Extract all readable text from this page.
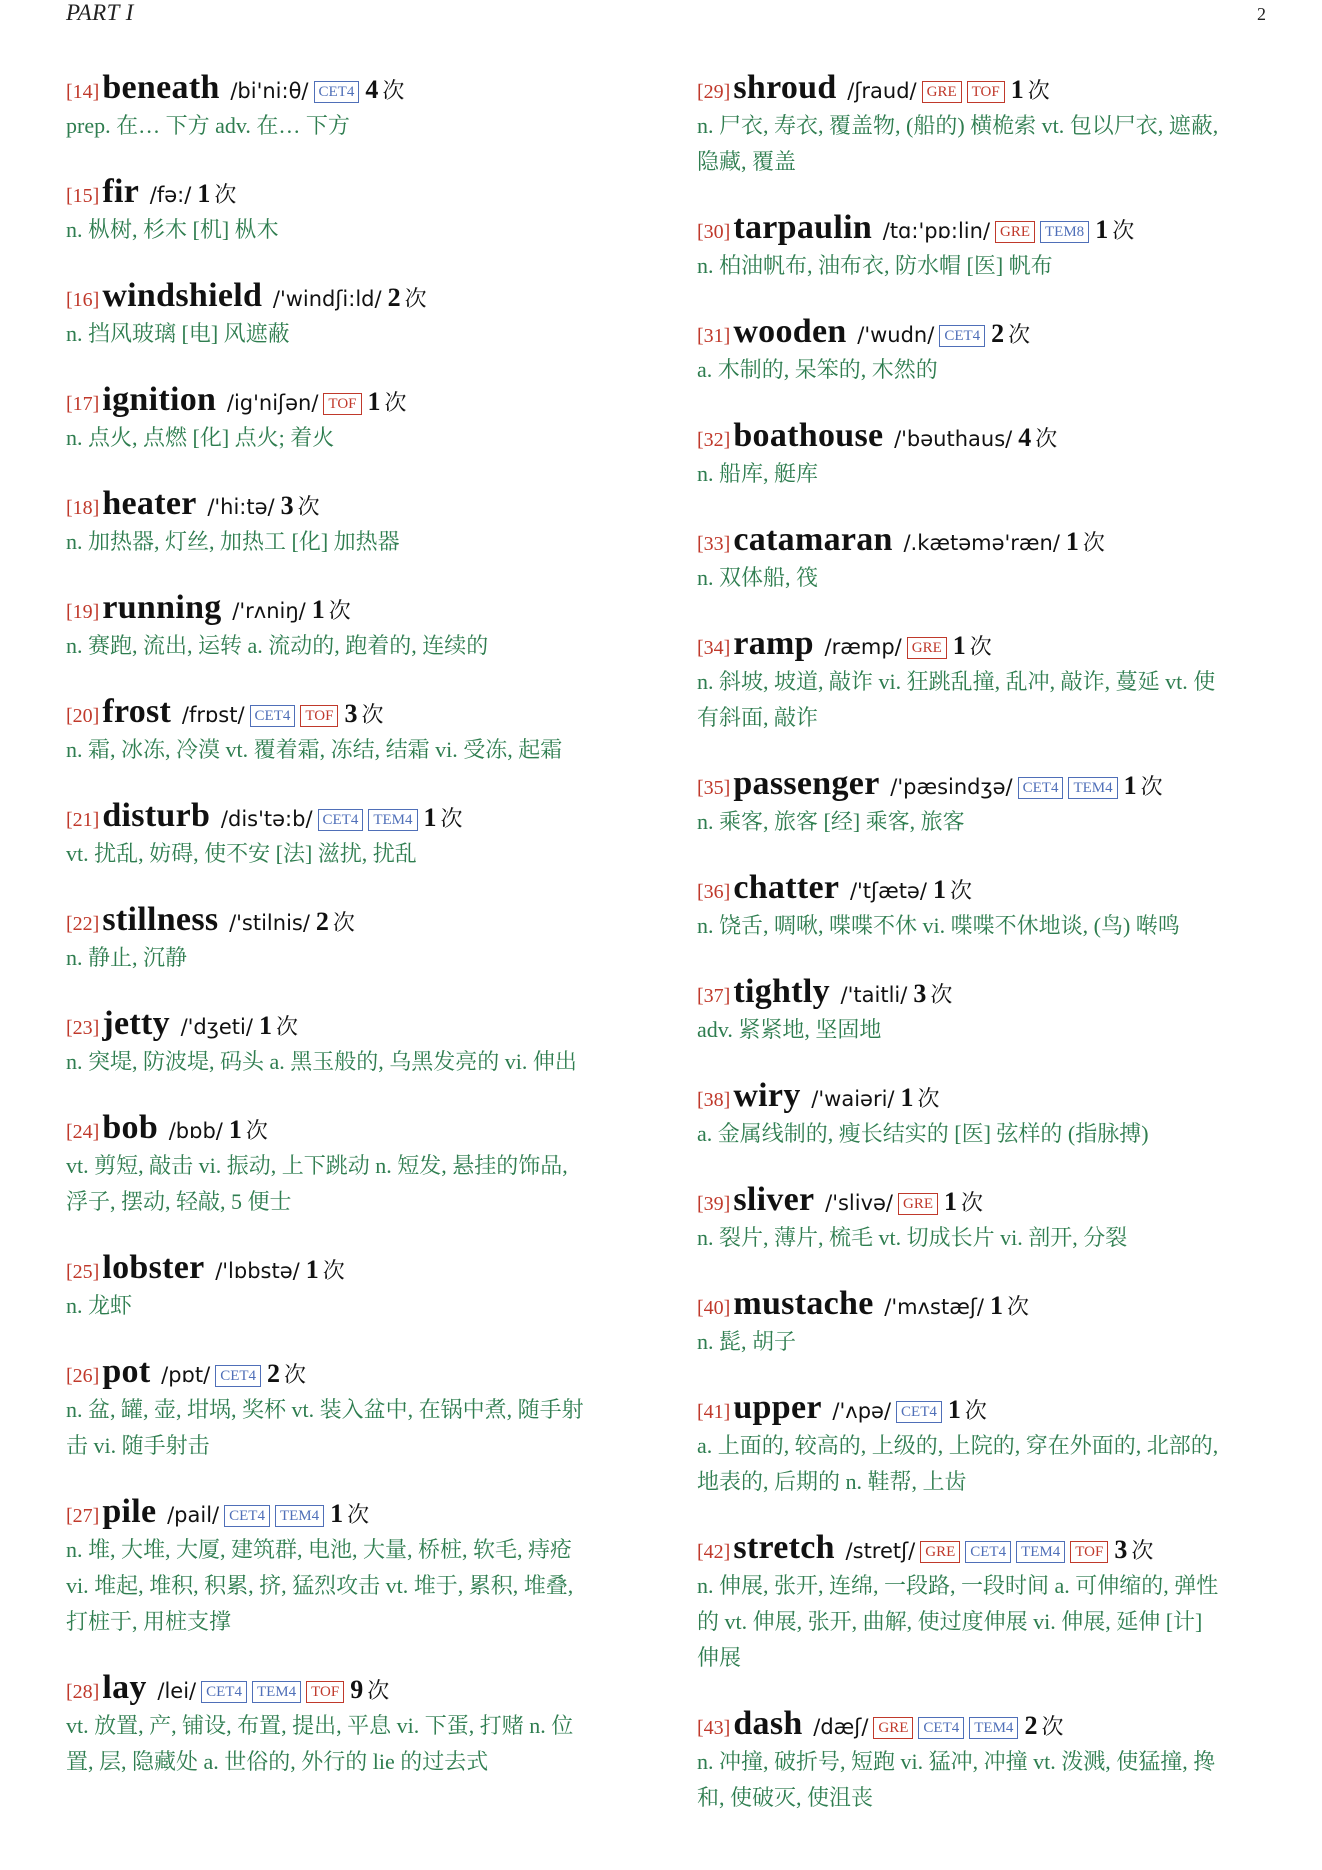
PART I	2
[14]beneath /bi'ni:θ/ CET4 4 次
prep. 在… 下方 adv. 在… 下方
[15]fir /fə:/ 1 次
n. 枞树, 杉木 [机] 枞木
[16]windshield /'windʃi:ld/ 2 次
n. 挡风玻璃 [电] 风遮蔽
[17]ignition /ig'niʃən/ TOF 1 次
n. 点火, 点燃 [化] 点火; 着火
[18]heater /'hi:tə/ 3 次
n. 加热器, 灯丝, 加热工 [化] 加热器
[19]running /'rʌniŋ/ 1 次
n. 赛跑, 流出, 运转 a. 流动的, 跑着的, 连续的
[20]frost /frɒst/ CET4 TOF 3 次
n. 霜, 冰冻, 冷漠 vt. 覆着霜, 冻结, 结霜 vi. 受冻, 起霜
[21]disturb /dis'tə:b/ CET4 TEM4 1 次
vt. 扰乱, 妨碍, 使不安 [法] 滋扰, 扰乱
[22]stillness /'stilnis/ 2 次
n. 静止, 沉静
[23]jetty /'dʒeti/ 1 次
n. 突堤, 防波堤, 码头 a. 黑玉般的, 乌黑发亮的 vi. 伸出
[24]bob /bɒb/ 1 次
vt. 剪短, 敲击 vi. 振动, 上下跳动 n. 短发, 悬挂的饰品,
浮子, 摆动, 轻敲, 5 便士
[25]lobster /'lɒbstə/ 1 次
n. 龙虾
[26]pot /pɒt/ CET4 2 次
n. 盆, 罐, 壶, 坩埚, 奖杯 vt. 装入盆中, 在锅中煮, 随手射
击 vi. 随手射击
[27]pile /pail/ CET4 TEM4 1 次
n. 堆, 大堆, 大厦, 建筑群, 电池, 大量, 桥桩, 软毛, 痔疮
vi. 堆起, 堆积, 积累, 挤, 猛烈攻击 vt. 堆于, 累积, 堆叠,
打桩于, 用桩支撑
[28]lay /lei/ CET4 TEM4 TOF 9 次
vt. 放置, 产, 铺设, 布置, 提出, 平息 vi. 下蛋, 打赌 n. 位
置, 层, 隐藏处 a. 世俗的, 外行的 lie 的过去式
[29]shroud /ʃraud/ GRE TOF 1 次
n. 尸衣, 寿衣, 覆盖物, (船的) 横桅索 vt. 包以尸衣, 遮蔽,
隐藏, 覆盖
[30]tarpaulin /tɑ:'pɒ:lin/ GRE TEM8 1 次
n. 柏油帆布, 油布衣, 防水帽 [医] 帆布
[31]wooden /'wudn/ CET4 2 次
a. 木制的, 呆笨的, 木然的
[32]boathouse /'bəuthaus/ 4 次
n. 船库, 艇库
[33]catamaran /.kætəmə'ræn/ 1 次
n. 双体船, 筏
[34]ramp /ræmp/ GRE 1 次
n. 斜坡, 坡道, 敲诈 vi. 狂跳乱撞, 乱冲, 敲诈, 蔓延 vt. 使
有斜面, 敲诈
[35]passenger /'pæsindʒə/ CET4 TEM4 1 次
n. 乘客, 旅客 [经] 乘客, 旅客
[36]chatter /'tʃætə/ 1 次
n. 饶舌, 啁啾, 喋喋不休 vi. 喋喋不休地谈, (鸟) 啭鸣
[37]tightly /'taitli/ 3 次
adv. 紧紧地, 坚固地
[38]wiry /'waiəri/ 1 次
a. 金属线制的, 瘦长结实的 [医] 弦样的 (指脉搏)
[39]sliver /'slivə/ GRE 1 次
n. 裂片, 薄片, 梳毛 vt. 切成长片 vi. 剖开, 分裂
[40]mustache /'mʌstæʃ/ 1 次
n. 髭, 胡子
[41]upper /'ʌpə/ CET4 1 次
a. 上面的, 较高的, 上级的, 上院的, 穿在外面的, 北部的,
地表的, 后期的 n. 鞋帮, 上齿
[42]stretch /stretʃ/ GRE CET4 TEM4 TOF 3 次
n. 伸展, 张开, 连绵, 一段路, 一段时间 a. 可伸缩的, 弹性
的 vt. 伸展, 张开, 曲解, 使过度伸展 vi. 伸展, 延伸 [计]
伸展
[43]dash /dæʃ/ GRE CET4 TEM4 2 次
n. 冲撞, 破折号, 短跑 vi. 猛冲, 冲撞 vt. 泼溅, 使猛撞, 搀
和, 使破灭, 使沮丧
